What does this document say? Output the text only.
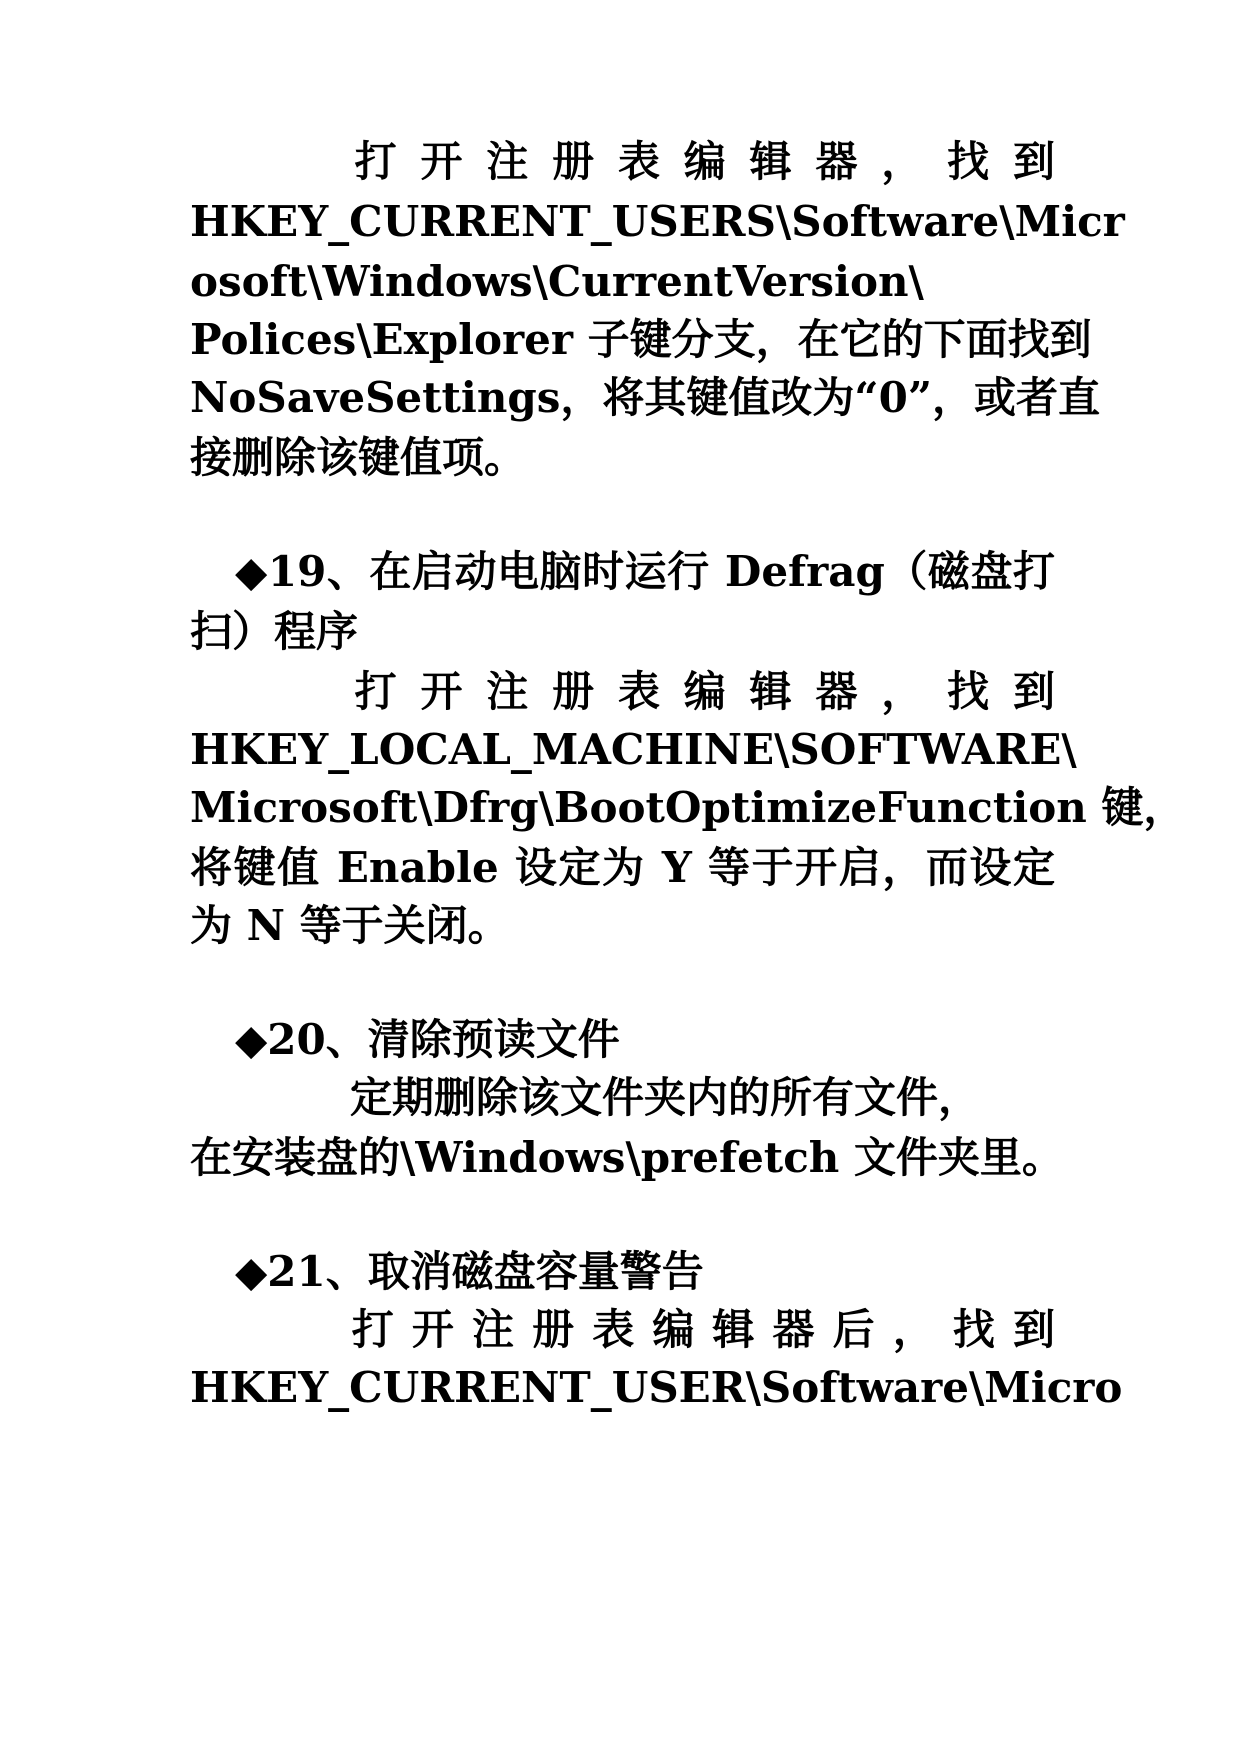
打 开 注 册 表 编 辑 器 ， 找 到
HKEY_CURRENT_USERS\Software\Micr
osoft\Windows\CurrentVersion\
Polices\Explorer 子键分支，在它的下面找到
NoSaveSettings，将其键值改为“0”，或者直
接删除该键值项。
◆19、在启动电脑时运行 Defrag（磁盘打
扫）程序
打 开 注 册 表 编 辑 器 ， 找 到
HKEY_LOCAL_MACHINE\SOFTWARE\
Microsoft\Dfrg\BootOptimizeFunction 键，
将键值 Enable 设定为 Y 等于开启，而设定
为 N 等于关闭。
◆20、清除预读文件
定期删除该文件夹内的所有文件，
在安装盘的\Windows\prefetch 文件夹里。
◆21、取消磁盘容量警告
打 开 注 册 表 编 辑 器 后 ， 找 到
HKEY_CURRENT_USER\Software\Micro
